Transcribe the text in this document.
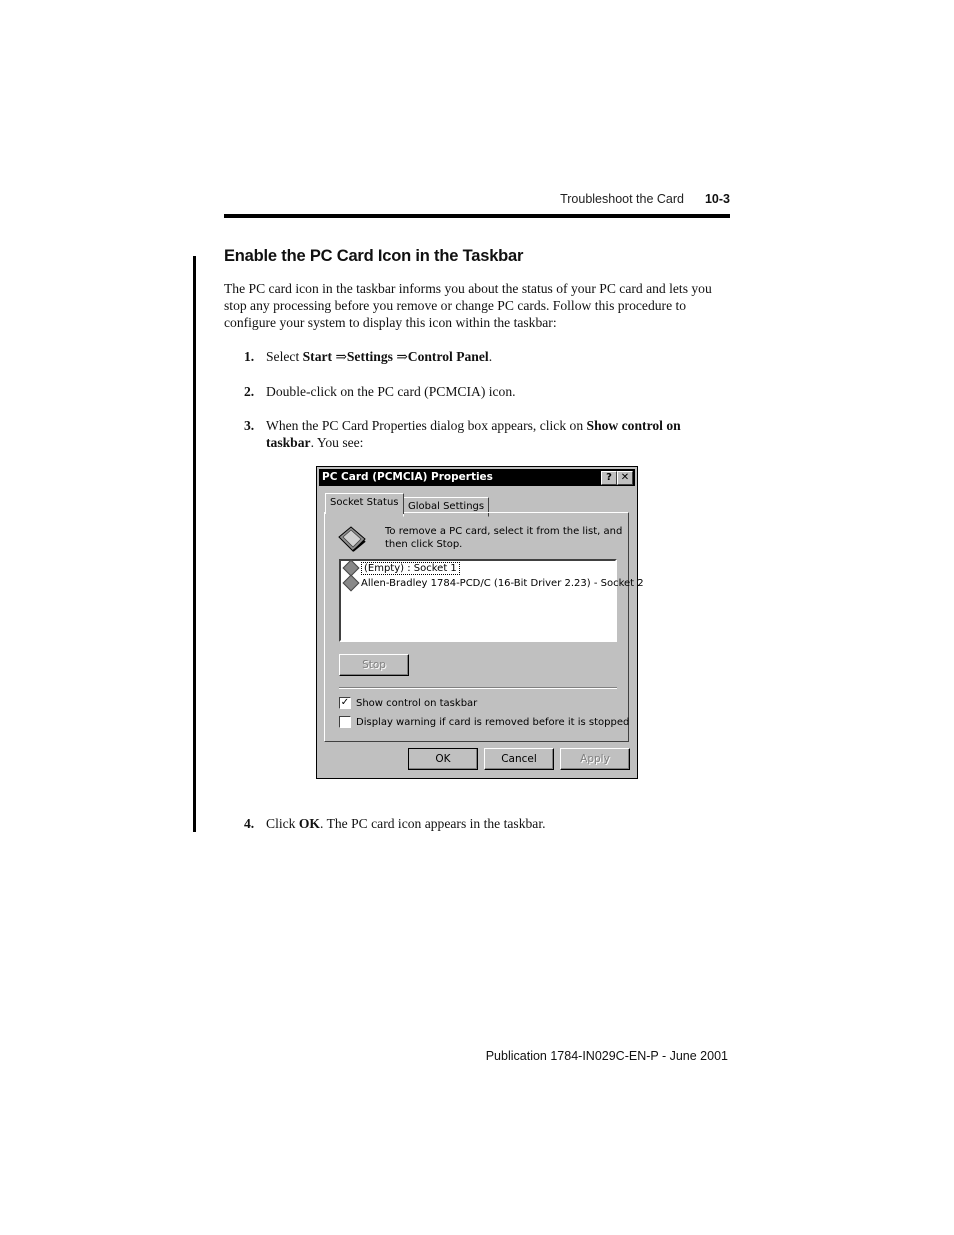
Troubleshoot the Card 10-3
Enable the PC Card Icon in the Taskbar

The PC card icon in the taskbar informs you about the status of your PC card and lets you stop any processing before you remove or change PC cards. Follow this procedure to configure your system to display this icon within the taskbar:

1. Select Start ⇒Settings ⇒Control Panel.
2. Double-click on the PC card (PCMCIA) icon.
3. When the PC Card Properties dialog box appears, click on Show control on taskbar. You see:
PC Card (PCMCIA) Properties	? ✕
Socket Status Global Settings
To remove a PC card, select it from the list, and then click Stop.
(Empty) : Socket 1
Allen-Bradley 1784-PCD/C (16-Bit Driver 2.23) - Socket 2
Stop
✓ Show control on taskbar
Display warning if card is removed before it is stopped
OK	Cancel	Apply
4. Click OK. The PC card icon appears in the taskbar.
Publication 1784-IN029C-EN-P - June 2001
